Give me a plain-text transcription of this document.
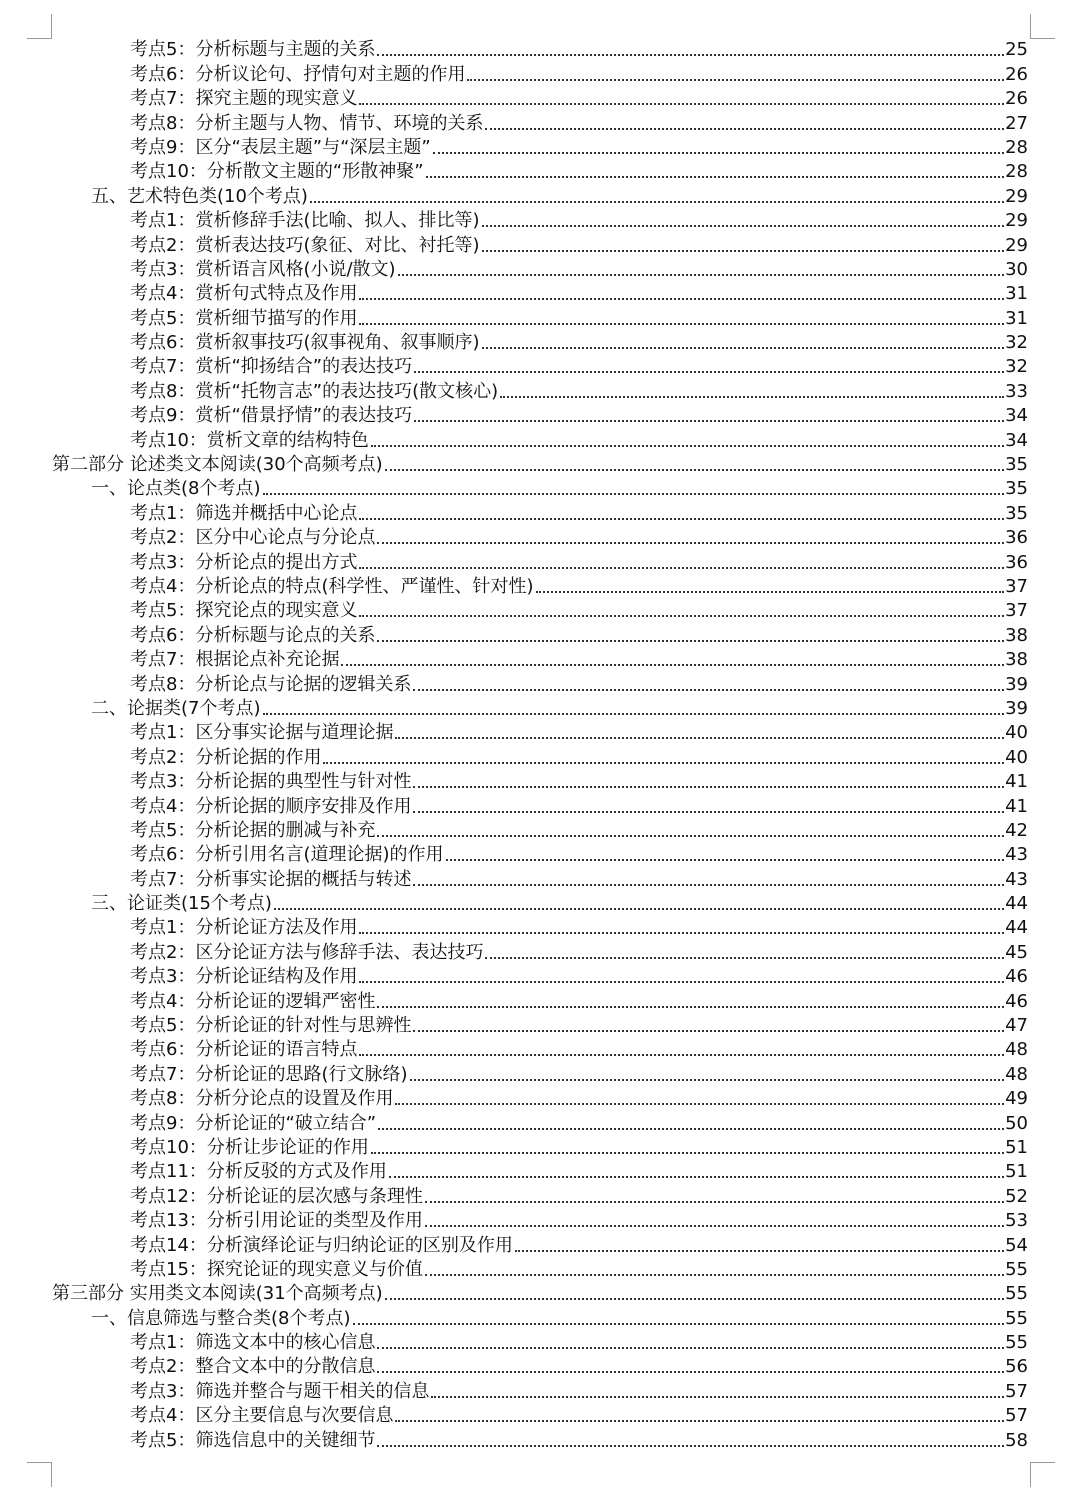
考点5：分析标题与主题的关系	25
考点6：分析议论句、抒情句对主题的作用	26
考点7：探究主题的现实意义	26
考点8：分析主题与人物、情节、环境的关系	27
考点9：区分“表层主题”与“深层主题”	28
考点10：分析散文主题的“形散神聚”	28
五、艺术特色类(10个考点)	29
考点1：赏析修辞手法(比喻、拟人、排比等)	29
考点2：赏析表达技巧(象征、对比、衬托等)	29
考点3：赏析语言风格(小说/散文)	30
考点4：赏析句式特点及作用	31
考点5：赏析细节描写的作用	31
考点6：赏析叙事技巧(叙事视角、叙事顺序)	32
考点7：赏析“抑扬结合”的表达技巧	32
考点8：赏析“托物言志”的表达技巧(散文核心)	33
考点9：赏析“借景抒情”的表达技巧	34
考点10：赏析文章的结构特色	34
第二部分 论述类文本阅读(30个高频考点)	35
一、论点类(8个考点)	35
考点1：筛选并概括中心论点	35
考点2：区分中心论点与分论点	36
考点3：分析论点的提出方式	36
考点4：分析论点的特点(科学性、严谨性、针对性)	37
考点5：探究论点的现实意义	37
考点6：分析标题与论点的关系	38
考点7：根据论点补充论据	38
考点8：分析论点与论据的逻辑关系	39
二、论据类(7个考点)	39
考点1：区分事实论据与道理论据	40
考点2：分析论据的作用	40
考点3：分析论据的典型性与针对性	41
考点4：分析论据的顺序安排及作用	41
考点5：分析论据的删减与补充	42
考点6：分析引用名言(道理论据)的作用	43
考点7：分析事实论据的概括与转述	43
三、论证类(15个考点)	44
考点1：分析论证方法及作用	44
考点2：区分论证方法与修辞手法、表达技巧	45
考点3：分析论证结构及作用	46
考点4：分析论证的逻辑严密性	46
考点5：分析论证的针对性与思辨性	47
考点6：分析论证的语言特点	48
考点7：分析论证的思路(行文脉络)	48
考点8：分析分论点的设置及作用	49
考点9：分析论证的“破立结合”	50
考点10：分析让步论证的作用	51
考点11：分析反驳的方式及作用	51
考点12：分析论证的层次感与条理性	52
考点13：分析引用论证的类型及作用	53
考点14：分析演绎论证与归纳论证的区别及作用	54
考点15：探究论证的现实意义与价值	55
第三部分 实用类文本阅读(31个高频考点)	55
一、信息筛选与整合类(8个考点)	55
考点1：筛选文本中的核心信息	55
考点2：整合文本中的分散信息	56
考点3：筛选并整合与题干相关的信息	57
考点4：区分主要信息与次要信息	57
考点5：筛选信息中的关键细节	58
